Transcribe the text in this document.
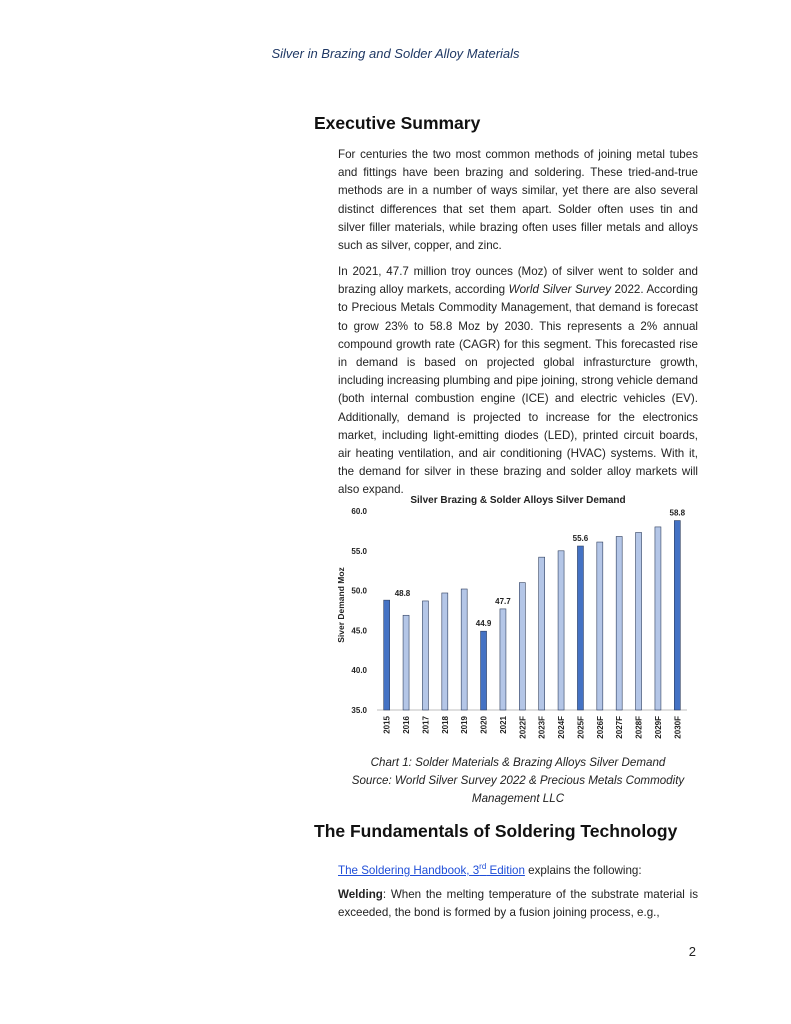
Silver in Brazing and Solder Alloy Materials
Executive Summary

For centuries the two most common methods of joining metal tubes and fittings have been brazing and soldering. These tried-and-true methods are in a number of ways similar, yet there are also several distinct differences that set them apart. Solder often uses tin and silver filler materials, while brazing often uses filler metals and alloys such as silver, copper, and zinc.

In 2021, 47.7 million troy ounces (Moz) of silver went to solder and brazing alloy markets, according World Silver Survey 2022. According to Precious Metals Commodity Management, that demand is forecast to grow 23% to 58.8 Moz by 2030. This represents a 2% annual compound growth rate (CAGR) for this segment. This forecasted rise in demand is based on projected global infrasturcture growth, including increasing plumbing and pipe joining, strong vehicle demand (both internal combustion engine (ICE) and electric vehicles (EV). Additionally, demand is projected to increase for the electronics market, including light-emitting diodes (LED), printed circuit boards, air heating ventilation, and air conditioning (HVAC) systems. With it, the demand for silver in these brazing and solder alloy markets will also expand.

Silver Brazing & Solder Alloys Silver Demand
Siver Demand Moz
35.0
40.0
45.0
50.0
55.0
60.0
48.8
44.9
47.7
55.6
58.8
2015 2016 2017 2018 2019 2020 2021 2022F 2023F 2024F 2025F 2026F 2027F 2028F 2029F 2030F
Chart 1: Solder Materials & Brazing Alloys Silver Demand
Source: World Silver Survey 2022 & Precious Metals Commodity
Management LLC
The Fundamentals of Soldering Technology

The Soldering Handbook, 3rd Edition explains the following:

Welding: When the melting temperature of the substrate material is exceeded, the bond is formed by a fusion joining process, e.g.,

2
